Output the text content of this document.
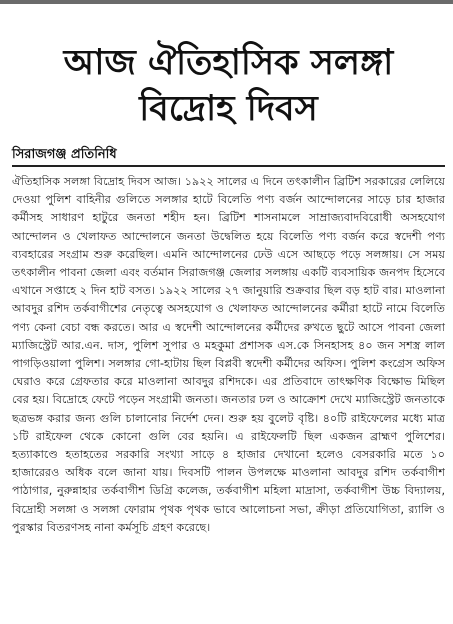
আজ ঐতিহাসিক সলঙ্গা
বিদ্রোহ দিবস
সিরাজগঞ্জ প্রতিনিধি

ঐতিহাসিক সলঙ্গা বিদ্রোহ দিবস আজ। ১৯২২ সালের এ দিনে তৎকালীন ব্রিটিশ সরকারের লেলিয়ে দেওয়া পুলিশ বাহিনীর গুলিতে সলঙ্গার হাটে বিলেতি পণ্য বর্জন আন্দোলনের সাড়ে চার হাজার কর্মীসহ সাধারণ হাটুরে জনতা শহীদ হন। ব্রিটিশ শাসনামলে সাম্রাজ্যবাদবিরোধী অসহযোগ আন্দোলন ও খেলাফত আন্দোলনে জনতা উদ্বেলিত হয়ে বিলেতি পণ্য বর্জন করে স্বদেশী পণ্য ব্যবহারের সংগ্রাম শুরু করেছিল। এমনি আন্দোলনের ঢেউ এসে আছড়ে পড়ে সলঙ্গায়। সে সময় তৎকালীন পাবনা জেলা এবং বর্তমান সিরাজগঞ্জ জেলার সলঙ্গায় একটি ব্যবসায়িক জনপদ হিসেবে এখানে সপ্তাহে ২ দিন হাট বসত। ১৯২২ সালের ২৭ জানুয়ারি শুক্রবার ছিল বড় হাট বার। মাওলানা আবদুর রশিদ তর্কবাগীশের নেতৃত্বে অসহযোগ ও খেলাফত আন্দোলনের কর্মীরা হাটে নামে বিলেতি পণ্য কেনা বেচা বন্ধ করতে। আর এ স্বদেশী আন্দোলনের কর্মীদের রুখতে ছুটে আসে পাবনা জেলা ম্যাজিস্ট্রেট আর.এন. দাস, পুলিশ সুপার ও মহকুমা প্রশাসক এস.কে সিনহাসহ ৪০ জন সশস্ত্র লাল পাগড়িওয়ালা পুলিশ। সলঙ্গার গো-হাটায় ছিল বিপ্লবী স্বদেশী কর্মীদের অফিস। পুলিশ কংগ্রেস অফিস ঘেরাও করে গ্রেফতার করে মাওলানা আবদুর রশিদকে। এর প্রতিবাদে তাৎক্ষণিক বিক্ষোভ মিছিল বের হয়। বিদ্রোহে ফেটে পড়েন সংগ্রামী জনতা। জনতার ঢল ও আক্রোশ দেখে ম্যাজিস্ট্রেট জনতাকে ছত্রভঙ্গ করার জন্য গুলি চালানোর নির্দেশ দেন। শুরু হয় বুলেট বৃষ্টি। ৪০টি রাইফেলের মধ্যে মাত্র ১টি রাইফেল থেকে কোনো গুলি বের হয়নি। এ রাইফেলটি ছিল একজন ব্রাহ্মণ পুলিশের। হত্যাকাণ্ডে হতাহতের সরকারি সংখ্যা সাড়ে ৪ হাজার দেখানো হলেও বেসরকারি মতে ১০ হাজারেরও অধিক বলে জানা যায়। দিবসটি পালন উপলক্ষে মাওলানা আবদুর রশিদ তর্কবাগীশ পাঠাগার, নুরুন্নাহার তর্কবাগীশ ডিগ্রি কলেজ, তর্কবাগীশ মহিলা মাদ্রাসা, তর্কবাগীশ উচ্চ বিদ্যালয়, বিদ্রোহী সলঙ্গা ও সলঙ্গা ফোরাম পৃথক পৃথক ভাবে আলোচনা সভা, ক্রীড়া প্রতিযোগিতা, র‍্যালি ও পুরস্কার বিতরণসহ নানা কর্মসূচি গ্রহণ করেছে।
